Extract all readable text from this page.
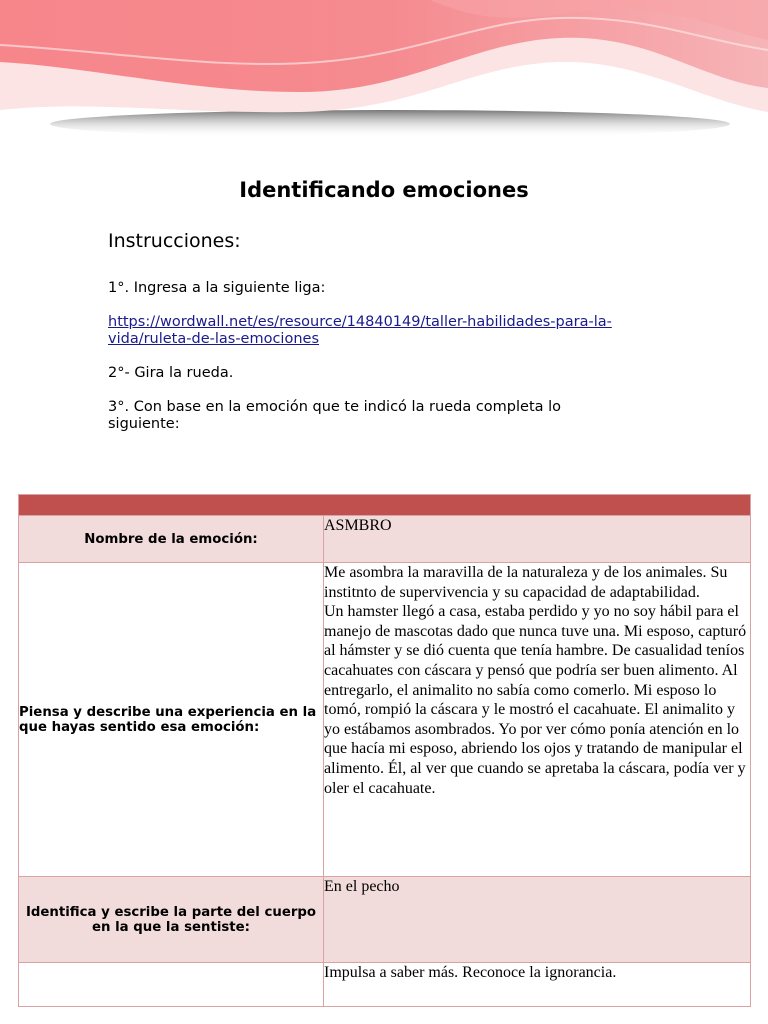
Identificando emociones
Instrucciones:
1°. Ingresa a la siguiente liga:
https://wordwall.net/es/resource/14840149/taller-habilidades-para-la-vida/ruleta-de-las-emociones
2°- Gira la rueda.
3°. Con base en la emoción que te indicó la rueda completa lo siguiente:

Nombre de la emoción:	ASMBRO
Piensa y describe una experiencia en la que hayas sentido esa emoción:	Me asombra la maravilla de la naturaleza y de los animales. Su institnto de supervivencia y su capacidad de adaptabilidad.
Un hamster llegó a casa, estaba perdido y yo no soy hábil para el manejo de mascotas dado que nunca tuve una. Mi esposo, capturó al hámster y se dió cuenta que tenía hambre. De casualidad teníos cacahuates con cáscara y pensó que podría ser buen alimento. Al entregarlo, el animalito no sabía como comerlo. Mi esposo lo tomó, rompió la cáscara y le mostró el cacahuate. El animalito y yo estábamos asombrados. Yo por ver cómo ponía atención en lo que hacía mi esposo, abriendo los ojos y tratando de manipular el alimento. Él, al ver que cuando se apretaba la cáscara, podía ver y oler el cacahuate.

Identifica y escribe la parte del cuerpo en la que la sentiste:	En el pecho
	Impulsa a saber más. Reconoce la ignorancia.
